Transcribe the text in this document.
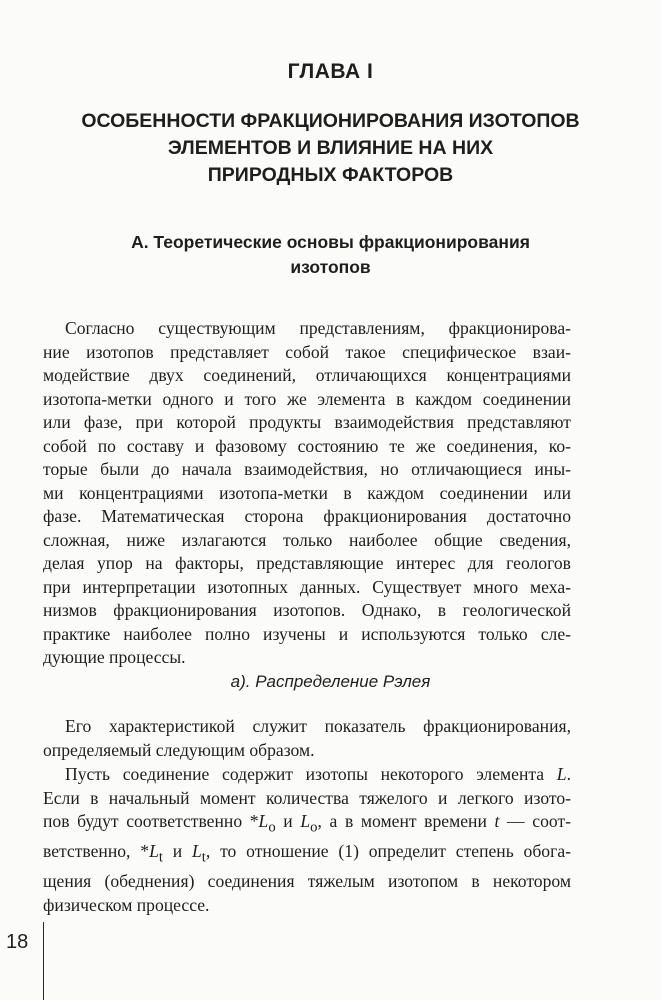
ГЛАВА I
ОСОБЕННОСТИ ФРАКЦИОНИРОВАНИЯ ИЗОТОПОВ
ЭЛЕМЕНТОВ И ВЛИЯНИЕ НА НИХ
ПРИРОДНЫХ ФАКТОРОВ
А. Теоретические основы фракционирования
изотопов
Согласно существующим представлениям, фракционирова-
ние изотопов представляет собой такое специфическое взаи-
модействие двух соединений, отличающихся концентрациями
изотопа-метки одного и того же элемента в каждом соединении
или фазе, при которой продукты взаимодействия представляют
собой по составу и фазовому состоянию те же соединения, ко-
торые были до начала взаимодействия, но отличающиеся ины-
ми концентрациями изотопа-метки в каждом соединении или
фазе. Математическая сторона фракционирования достаточно
сложная, ниже излагаются только наиболее общие сведения,
делая упор на факторы, представляющие интерес для геологов
при интерпретации изотопных данных. Существует много меха-
низмов фракционирования изотопов. Однако, в геологической
практике наиболее полно изучены и используются только сле-
дующие процессы.
а). Распределение Рэлея
Его характеристикой служит показатель фракционирования,
определяемый следующим образом.
Пусть соединение содержит изотопы некоторого элемента L.
Если в начальный момент количества тяжелого и легкого изото-
пов будут соответственно $*L_o$ и $L_o$, а в момент времени t — соот-
ветственно, $*L_t$ и $L_t$, то отношение (1) определит степень обога-
щения (обеднения) соединения тяжелым изотопом в некотором
физическом процессе.
18
